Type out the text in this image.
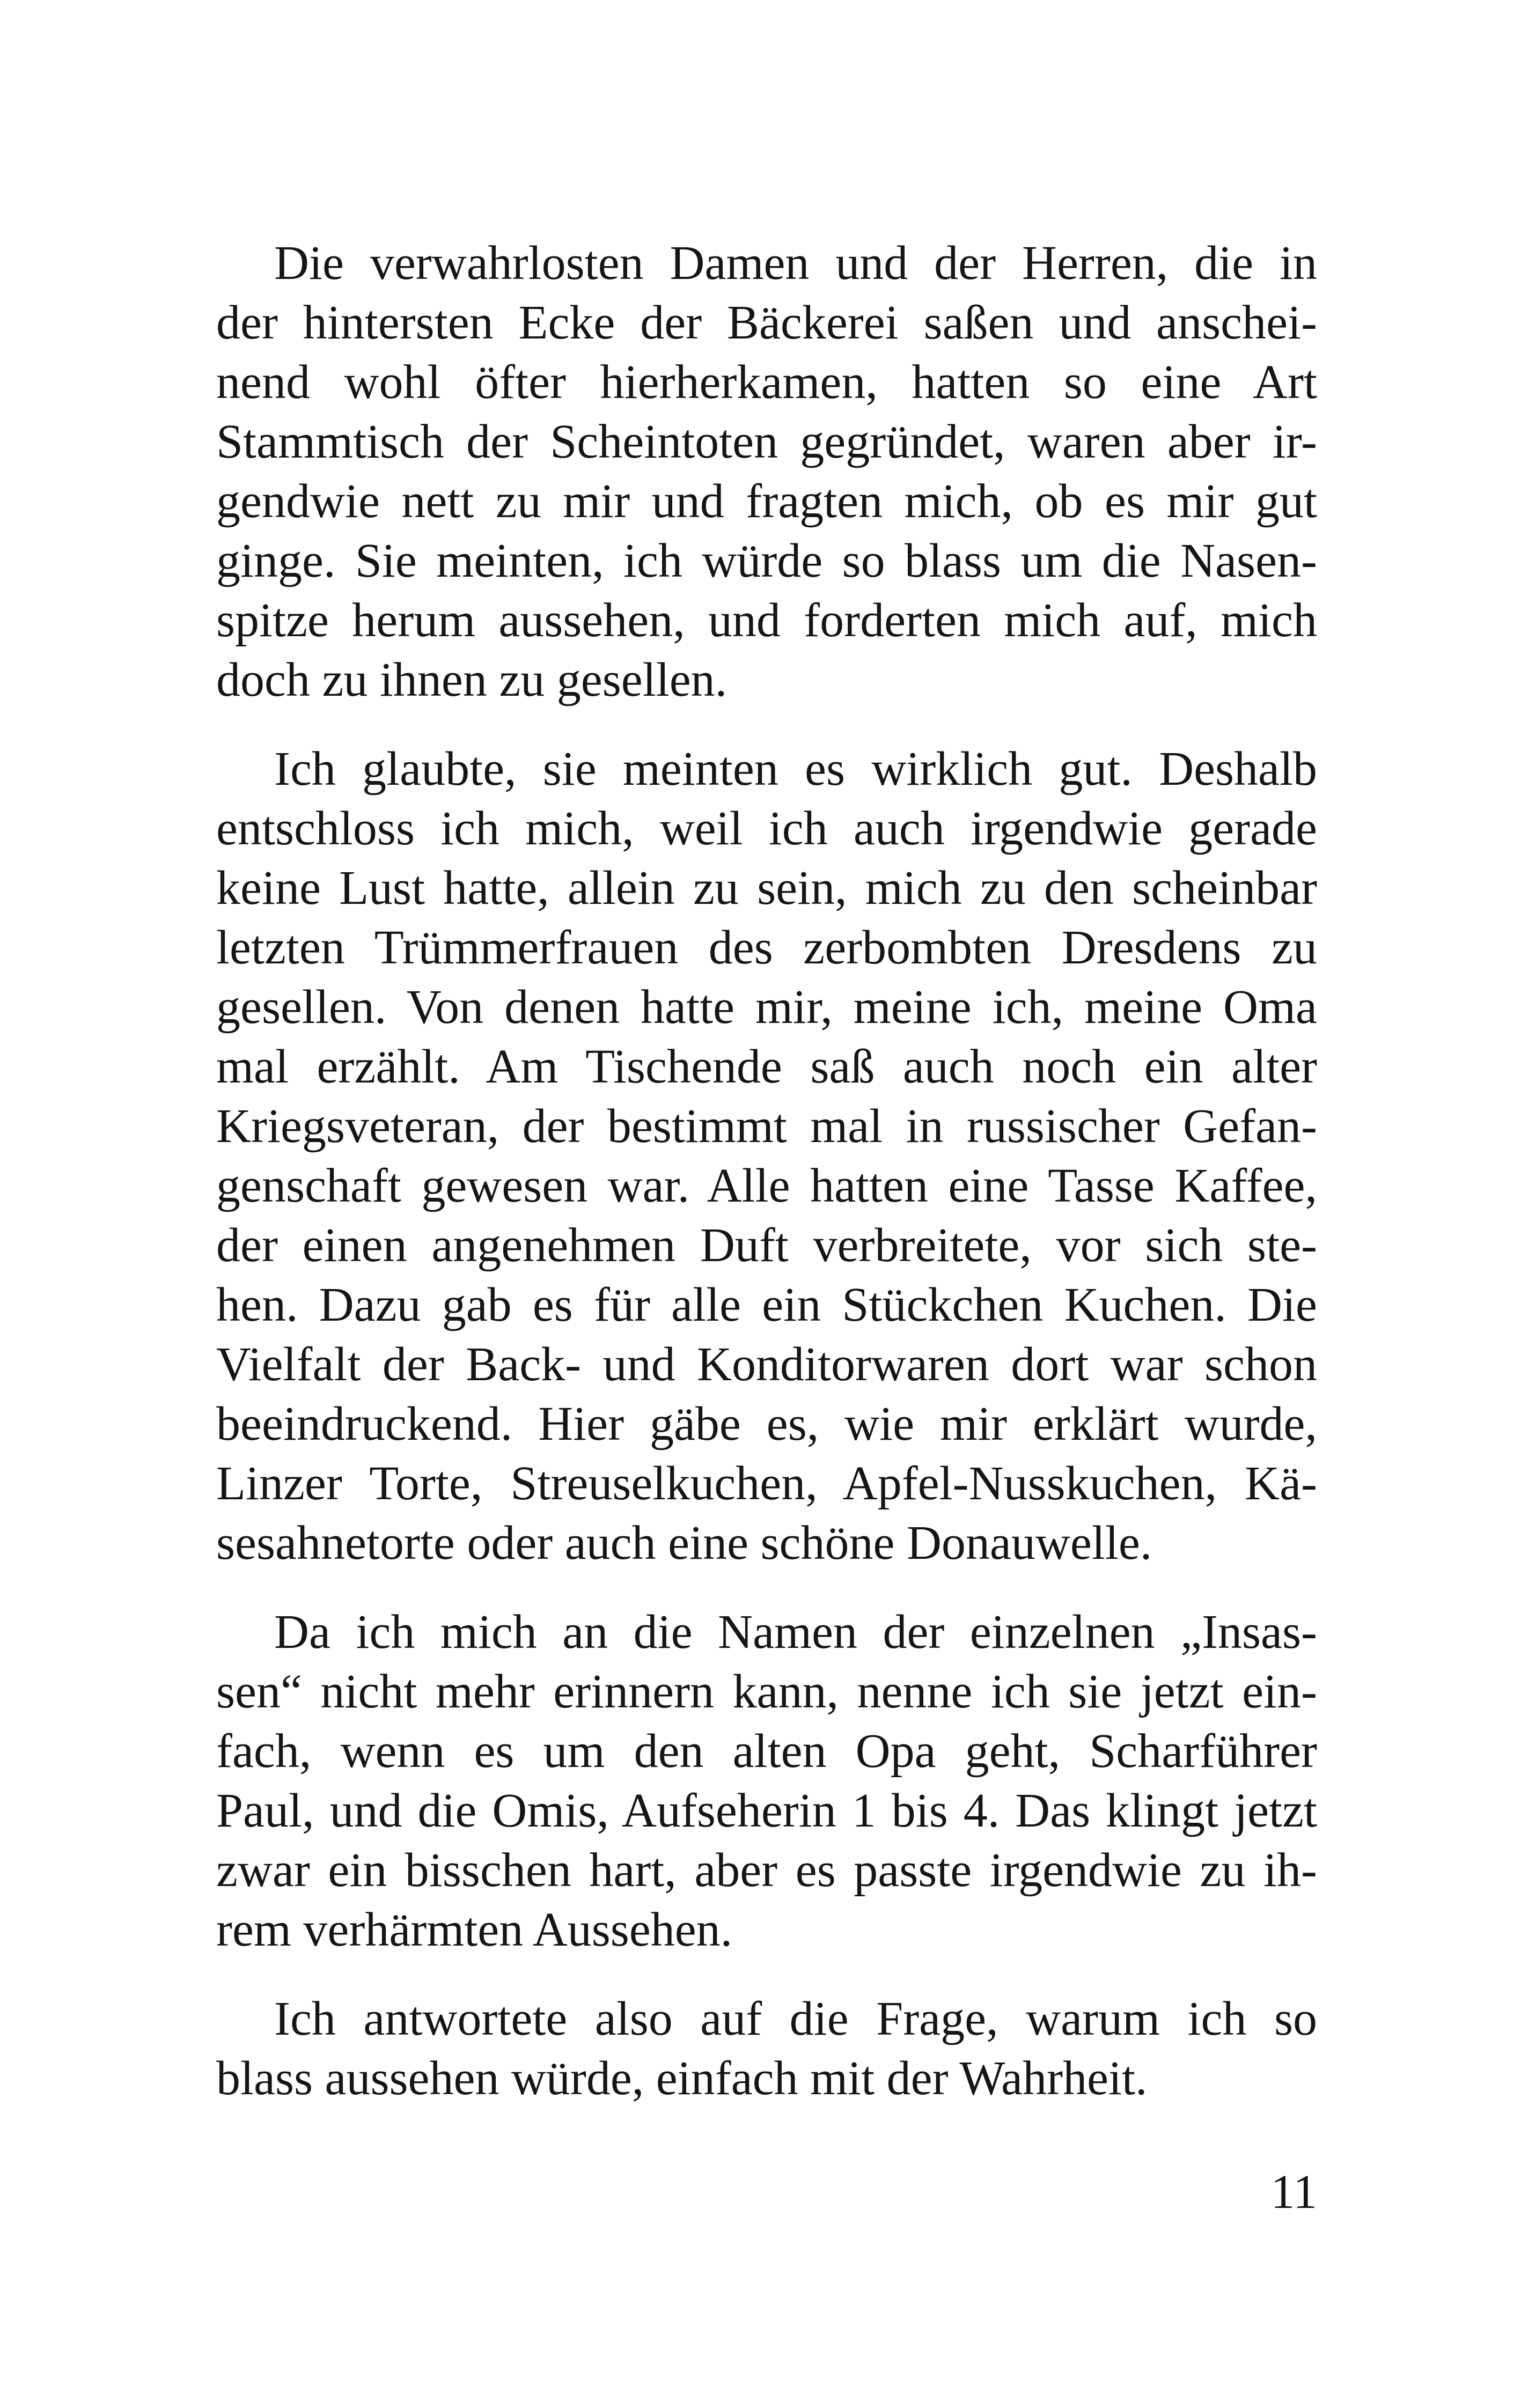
Die verwahrlosten Damen und der Herren, die in
der hintersten Ecke der Bäckerei saßen und anschei-
nend wohl öfter hierherkamen, hatten so eine Art
Stammtisch der Scheintoten gegründet, waren aber ir-
gendwie nett zu mir und fragten mich, ob es mir gut
ginge. Sie meinten, ich würde so blass um die Nasen-
spitze herum aussehen, und forderten mich auf, mich
doch zu ihnen zu gesellen.
Ich glaubte, sie meinten es wirklich gut. Deshalb
entschloss ich mich, weil ich auch irgendwie gerade
keine Lust hatte, allein zu sein, mich zu den scheinbar
letzten Trümmerfrauen des zerbombten Dresdens zu
gesellen. Von denen hatte mir, meine ich, meine Oma
mal erzählt. Am Tischende saß auch noch ein alter
Kriegsveteran, der bestimmt mal in russischer Gefan-
genschaft gewesen war. Alle hatten eine Tasse Kaffee,
der einen angenehmen Duft verbreitete, vor sich ste-
hen. Dazu gab es für alle ein Stückchen Kuchen. Die
Vielfalt der Back- und Konditorwaren dort war schon
beeindruckend. Hier gäbe es, wie mir erklärt wurde,
Linzer Torte, Streuselkuchen, Apfel-Nusskuchen, Kä-
sesahnetorte oder auch eine schöne Donauwelle.
Da ich mich an die Namen der einzelnen „Insas-
sen“ nicht mehr erinnern kann, nenne ich sie jetzt ein-
fach, wenn es um den alten Opa geht, Scharführer
Paul, und die Omis, Aufseherin 1 bis 4. Das klingt jetzt
zwar ein bisschen hart, aber es passte irgendwie zu ih-
rem verhärmten Aussehen.
Ich antwortete also auf die Frage, warum ich so
blass aussehen würde, einfach mit der Wahrheit.
11
